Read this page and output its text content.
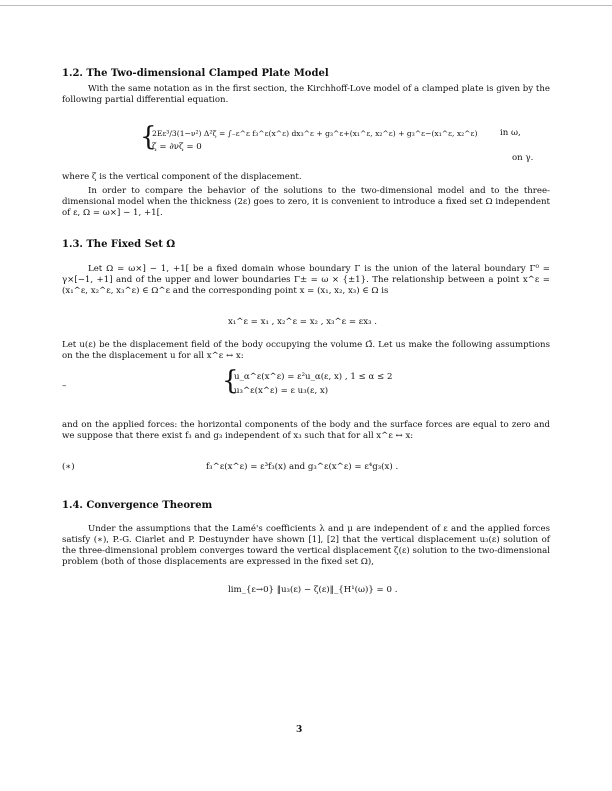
1.2. The Two-dimensional Clamped Plate Model

With the same notation as in the first section, the Kirchhoff-Love model of a clamped plate is given by the following partial differential equation.

{
2Eε³/3(1−ν²) Δ²ζ = ∫₋ε^ε f₃^ε(x^ε) dx₃^ε + g₃^ε+(x₁^ε, x₂^ε) + g₃^ε−(x₁^ε, x₂^ε)	in ω,
ζ = ∂νζ = 0
on γ.

where ζ is the vertical component of the displacement.

In order to compare the behavior of the solutions to the two-dimensional model and to the three-dimensional model when the thickness (2ε) goes to zero, it is convenient to introduce a fixed set Ω independent of ε, Ω = ω×] − 1, +1[.

1.3. The Fixed Set Ω

Let Ω = ω×] − 1, +1[ be a fixed domain whose boundary Γ is the union of the lateral boundary Γ⁰ = γ×[−1, +1] and of the upper and lower boundaries Γ± = ω × {±1}. The relationship between a point x^ε = (x₁^ε, x₂^ε, x₃^ε) ∈ Ω^ε and the corresponding point x = (x₁, x₂, x₃) ∈ Ω is

x₁^ε = x₁ , x₂^ε = x₂ , x₃^ε = εx₃ .

Let u(ε) be the displacement field of the body occupying the volume Ω̄. Let us make the following assumptions on the the displacement u for all x^ε ↔ x:

–	{
u_α^ε(x^ε) = ε²u_α(ε, x) , 1 ≤ α ≤ 2
u₃^ε(x^ε) = ε u₃(ε, x)

and on the applied forces: the horizontal components of the body and the surface forces are equal to zero and we suppose that there exist f₃ and g₃ independent of x₃ such that for all x^ε ↔ x:

(∗)	f₃^ε(x^ε) = ε³f₃(x) and g₃^ε(x^ε) = ε⁴g₃(x) .
1.4. Convergence Theorem

Under the assumptions that the Lamé's coefficients λ and μ are independent of ε and the applied forces satisfy (∗), P.-G. Ciarlet and P. Destuynder have shown [1], [2] that the vertical displacement u₃(ε) solution of the three-dimensional problem converges toward the vertical displacement ζ(ε) solution to the two-dimensional problem (both of those displacements are expressed in the fixed set Ω),

lim_{ε→0} ‖u₃(ε) − ζ(ε)‖_{H¹(ω)} = 0 .
3
